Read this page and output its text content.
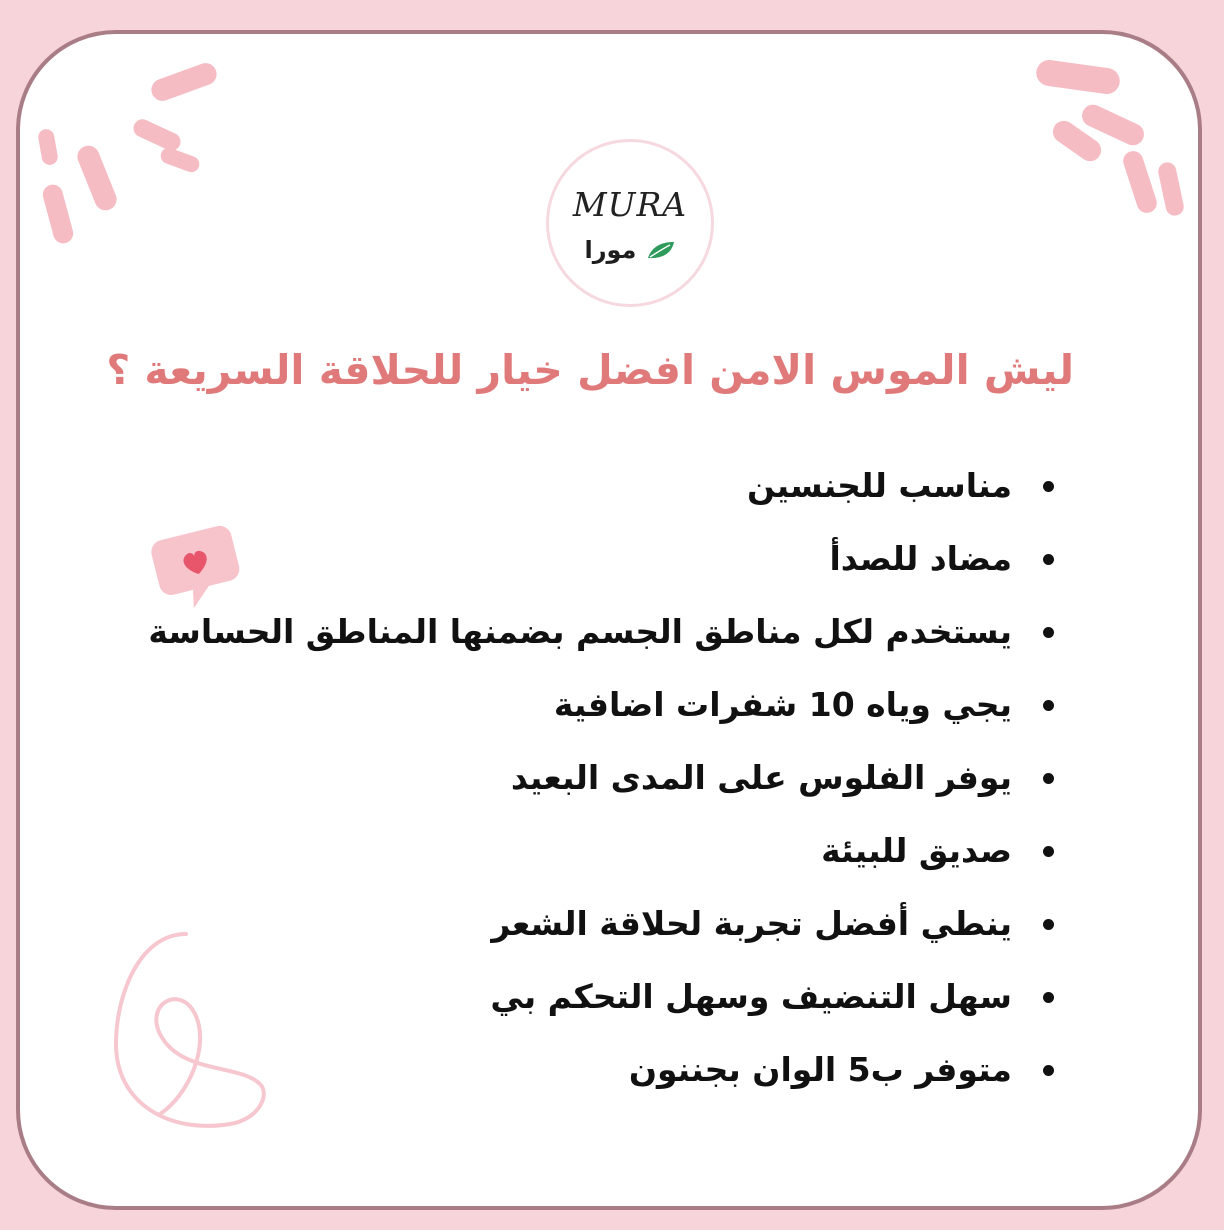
MURA
مورا
ليش الموس الامن افضل خيار للحلاقة السريعة ؟
مناسب للجنسين
مضاد للصدأ
يستخدم لكل مناطق الجسم بضمنها المناطق الحساسة
يجي وياه 10 شفرات اضافية
يوفر الفلوس على المدى البعيد
صديق للبيئة
ينطي أفضل تجربة لحلاقة الشعر
سهل التنضيف وسهل التحكم بي
متوفر ب5 الوان بجننون
